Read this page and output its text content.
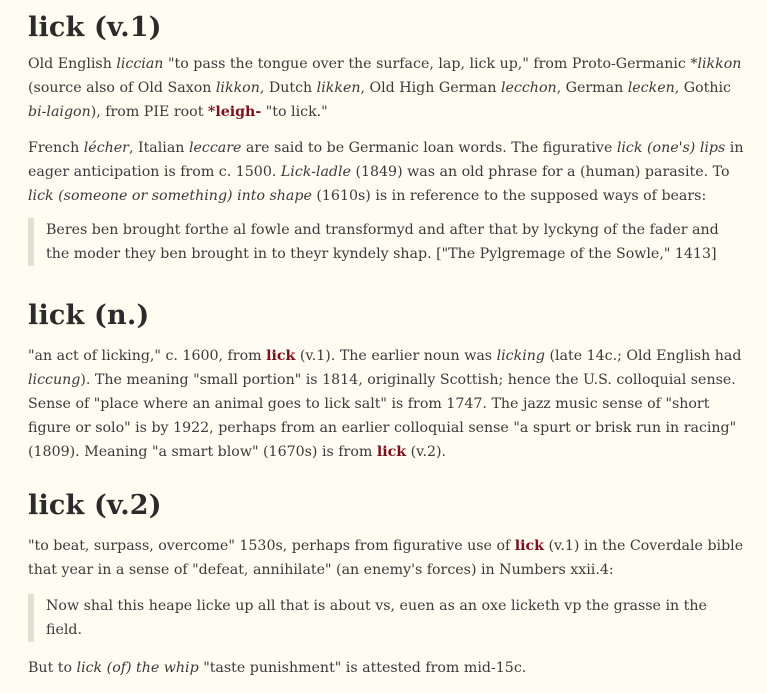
lick (v.1)

Old English liccian "to pass the tongue over the surface, lap, lick up," from Proto-Germanic *likkon (source also of Old Saxon likkon, Dutch likken, Old High German lecchon, German lecken, Gothic bi-laigon), from PIE root *leigh- "to lick."

French lécher, Italian leccare are said to be Germanic loan words. The figurative lick (one's) lips in eager anticipation is from c. 1500. Lick-ladle (1849) was an old phrase for a (human) parasite. To lick (someone or something) into shape (1610s) is in reference to the supposed ways of bears:

Beres ben brought forthe al fowle and transformyd and after that by lyckyng of the fader and the moder they ben brought in to theyr kyndely shap. ["The Pylgremage of the Sowle," 1413]
lick (n.)

"an act of licking," c. 1600, from lick (v.1). The earlier noun was licking (late 14c.; Old English had liccung). The meaning "small portion" is 1814, originally Scottish; hence the U.S. colloquial sense. Sense of "place where an animal goes to lick salt" is from 1747. The jazz music sense of "short figure or solo" is by 1922, perhaps from an earlier colloquial sense "a spurt or brisk run in racing" (1809). Meaning "a smart blow" (1670s) is from lick (v.2).

lick (v.2)

"to beat, surpass, overcome" 1530s, perhaps from figurative use of lick (v.1) in the Coverdale bible that year in a sense of "defeat, annihilate" (an enemy's forces) in Numbers xxii.4:

Now shal this heape licke up all that is about vs, euen as an oxe licketh vp the grasse in the field.

But to lick (of) the whip "taste punishment" is attested from mid-15c.
